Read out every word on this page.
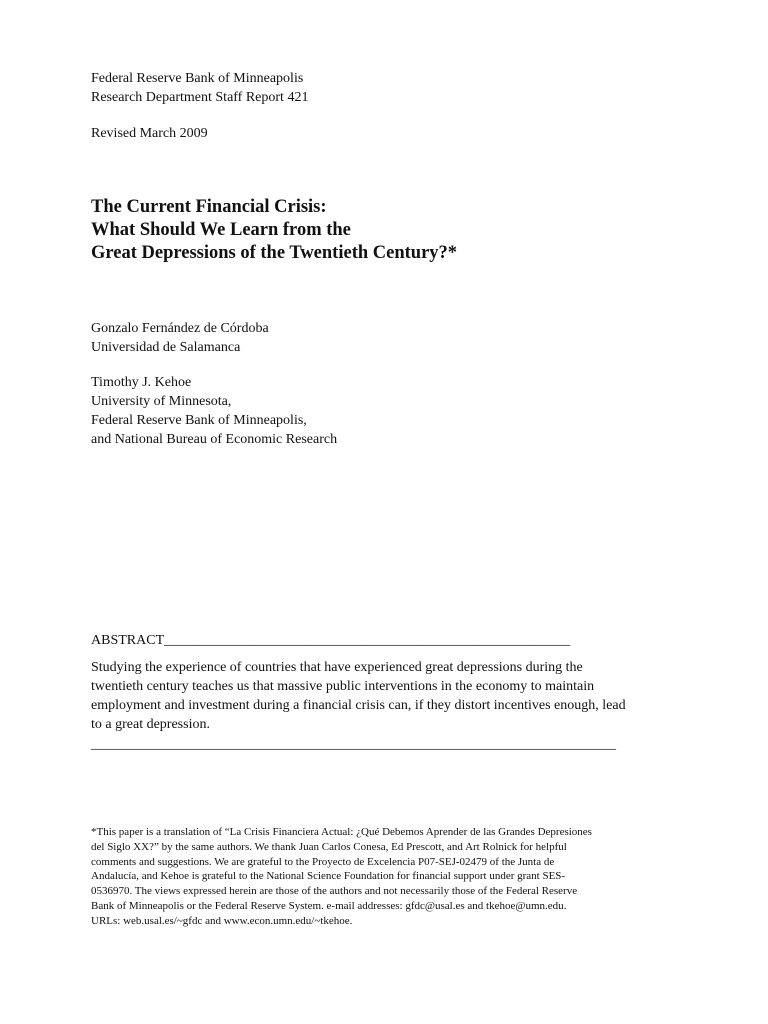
Federal Reserve Bank of Minneapolis
Research Department Staff Report 421
Revised March 2009
The Current Financial Crisis:
What Should We Learn from the
Great Depressions of the Twentieth Century?*
Gonzalo Fernández de Córdoba
Universidad de Salamanca
Timothy J. Kehoe
University of Minnesota,
Federal Reserve Bank of Minneapolis,
and National Bureau of Economic Research
ABSTRACT__________________________________________________________
Studying the experience of countries that have experienced great depressions during the
twentieth century teaches us that massive public interventions in the economy to maintain
employment and investment during a financial crisis can, if they distort incentives enough, lead
to a great depression.
___________________________________________________________________________
*This paper is a translation of “La Crisis Financiera Actual: ¿Qué Debemos Aprender de las Grandes Depresiones
del Siglo XX?” by the same authors. We thank Juan Carlos Conesa, Ed Prescott, and Art Rolnick for helpful
comments and suggestions. We are grateful to the Proyecto de Excelencia P07-SEJ-02479 of the Junta de
Andalucía, and Kehoe is grateful to the National Science Foundation for financial support under grant SES-
0536970. The views expressed herein are those of the authors and not necessarily those of the Federal Reserve
Bank of Minneapolis or the Federal Reserve System. e-mail addresses: gfdc@usal.es and tkehoe@umn.edu.
URLs: web.usal.es/~gfdc and www.econ.umn.edu/~tkehoe.
